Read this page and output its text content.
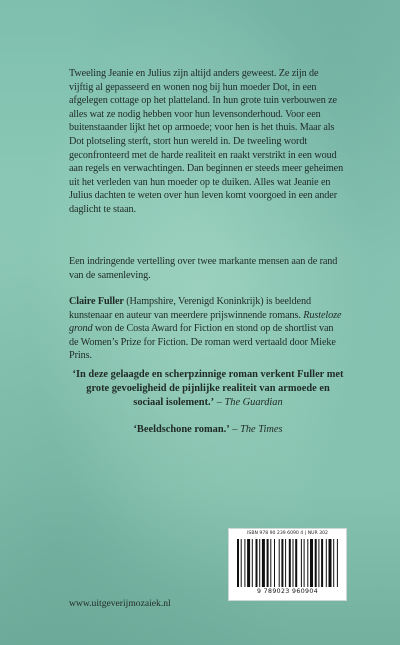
Tweeling Jeanie en Julius zijn altijd anders geweest. Ze zijn de vijftig al gepasseerd en wonen nog bij hun moeder Dot, in een afgelegen cottage op het platteland. In hun grote tuin verbouwen ze alles wat ze nodig hebben voor hun levensonderhoud. Voor een buitenstaander lijkt het op armoede; voor hen is het thuis. Maar als Dot plotseling sterft, stort hun wereld in. De tweeling wordt geconfronteerd met de harde realiteit en raakt verstrikt in een woud aan regels en verwachtingen. Dan beginnen er steeds meer geheimen uit het verleden van hun moeder op te duiken. Alles wat Jeanie en Julius dachten te weten over hun leven komt voorgoed in een ander daglicht te staan.

Een indringende vertelling over twee markante mensen aan de rand van de samenleving.

Claire Fuller (Hampshire, Verenigd Koninkrijk) is beeldend kunstenaar en auteur van meerdere prijswinnende romans. Rusteloze grond won de Costa Award for Fiction en stond op de shortlist van de Women’s Prize for Fiction. De roman werd vertaald door Mieke Prins.

‘In deze gelaagde en scherpzinnige roman verkent Fuller met grote gevoeligheid de pijnlijke realiteit van armoede en sociaal isolement.’ – The Guardian
‘Beeldschone roman.’ – The Times
ISBN 978 90 239 6090 4 | NUR 302
9 789023 960904
www.uitgeverijmozaiek.nl
